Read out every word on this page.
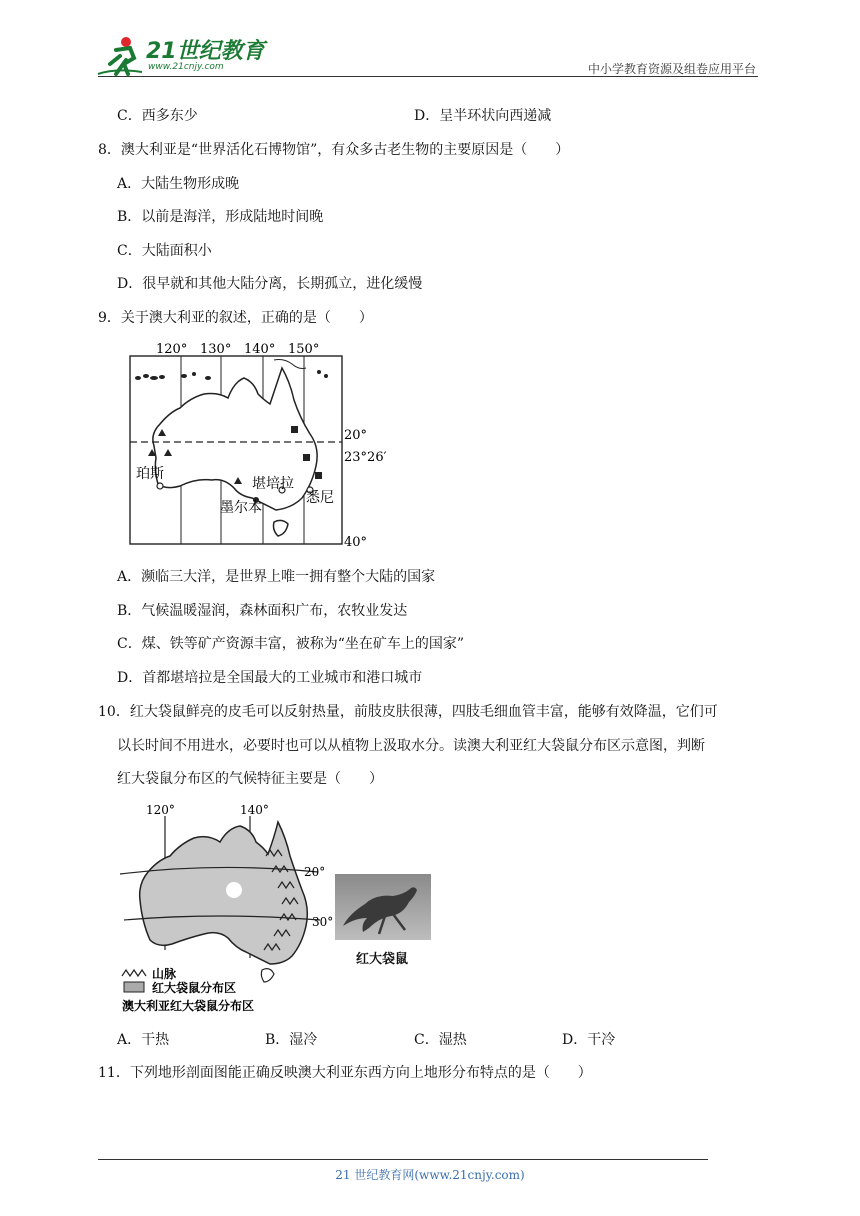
21世纪教育
www.21cnjy.com	中小学教育资源及组卷应用平台
C．西多东少	D．呈半环状向西递减
8．澳大利亚是“世界活化石博物馆”，有众多古老生物的主要原因是（　　）
A．大陆生物形成晚
B．以前是海洋，形成陆地时间晚
C．大陆面积小
D．很早就和其他大陆分离，长期孤立，进化缓慢
9．关于澳大利亚的叙述，正确的是（　　）
120° 130° 140° 150°
20°
23°26′
40°
珀斯
堪培拉
墨尔本
悉尼
A．濒临三大洋，是世界上唯一拥有整个大陆的国家
B．气候温暖湿润，森林面积广布，农牧业发达
C．煤、铁等矿产资源丰富，被称为“坐在矿车上的国家”
D．首都堪培拉是全国最大的工业城市和港口城市
10．红大袋鼠鲜亮的皮毛可以反射热量，前肢皮肤很薄，四肢毛细血管丰富，能够有效降温，它们可
以长时间不用进水，必要时也可以从植物上汲取水分。读澳大利亚红大袋鼠分布区示意图，判断
红大袋鼠分布区的气候特征主要是（　　）
120°	140°
20°
30°
山脉
红大袋鼠分布区
澳大利亚红大袋鼠分布区
红大袋鼠
A．干热	B．湿冷	C．湿热	D．干冷
11．下列地形剖面图能正确反映澳大利亚东西方向上地形分布特点的是（　　）
21 世纪教育网(www.21cnjy.com)
